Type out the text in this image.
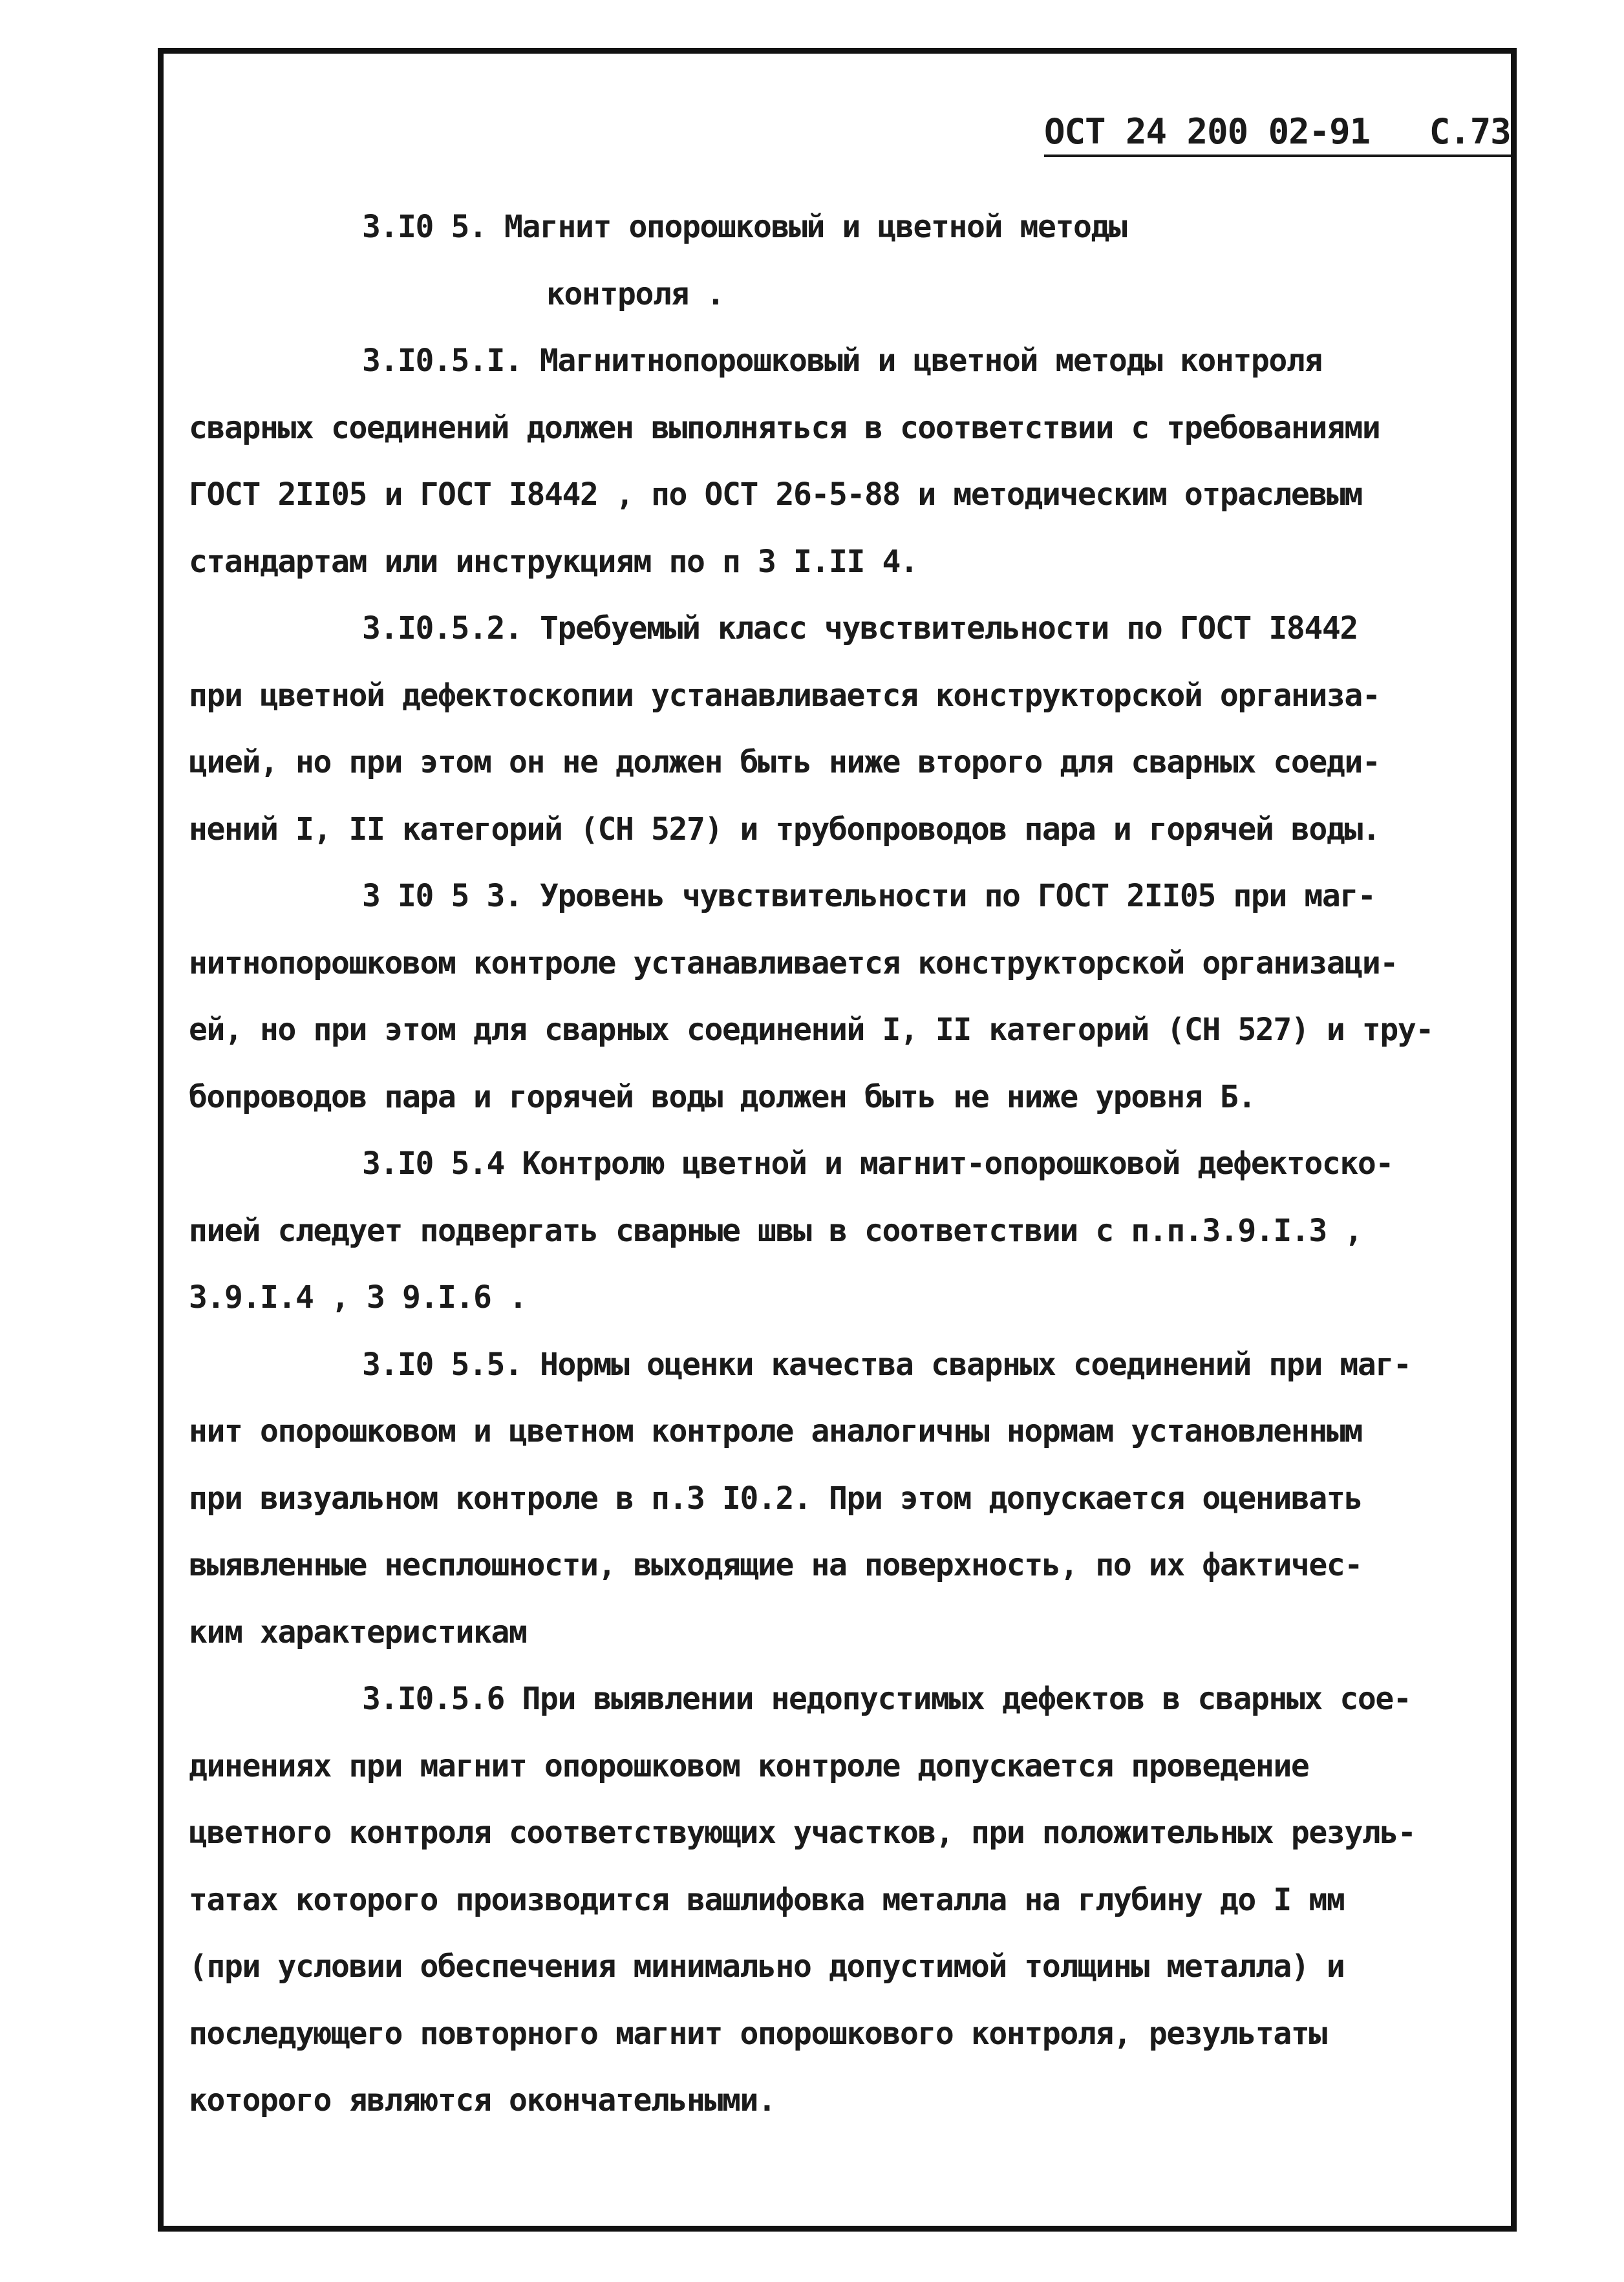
ОСТ 24 200 02-91 С.73
3.I0 5. Магнит опорошковый и цветной методы
контроля .
3.I0.5.I. Магнитнопорошковый и цветной методы контроля
сварных соединений должен выполняться в соответствии с требованиями
ГОСТ 2II05 и ГОСТ I8442 , по ОСТ 26-5-88 и методическим отраслевым
стандартам или инструкциям по п 3 I.II 4.
3.I0.5.2. Требуемый класс чувствительности по ГОСТ I8442
при цветной дефектоскопии устанавливается конструкторской организа-
цией, но при этом он не должен быть ниже второго для сварных соеди-
нений I, II категорий (СН 527) и трубопроводов пара и горячей воды.
3 I0 5 3. Уровень чувствительности по ГОСТ 2II05 при маг-
нитнопорошковом контроле устанавливается конструкторской организаци-
ей, но при этом для сварных соединений I, II категорий (СН 527) и тру-
бопроводов пара и горячей воды должен быть не ниже уровня Б.
3.I0 5.4 Контролю цветной и магнит-опорошковой дефектоско-
пией следует подвергать сварные швы в соответствии с п.п.3.9.I.3 ,
3.9.I.4 , 3 9.I.6 .
3.I0 5.5. Нормы оценки качества сварных соединений при маг-
нит опорошковом и цветном контроле аналогичны нормам установленным
при визуальном контроле в п.3 I0.2. При этом допускается оценивать
выявленные несплошности, выходящие на поверхность, по их фактичес-
ким характеристикам
3.I0.5.6 При выявлении недопустимых дефектов в сварных сое-
динениях при магнит опорошковом контроле допускается проведение
цветного контроля соответствующих участков, при положительных резуль-
татах которого производится вашлифовка металла на глубину до I мм
(при условии обеспечения минимально допустимой толщины металла) и
последующего повторного магнит опорошкового контроля, результаты
которого являются окончательными.
